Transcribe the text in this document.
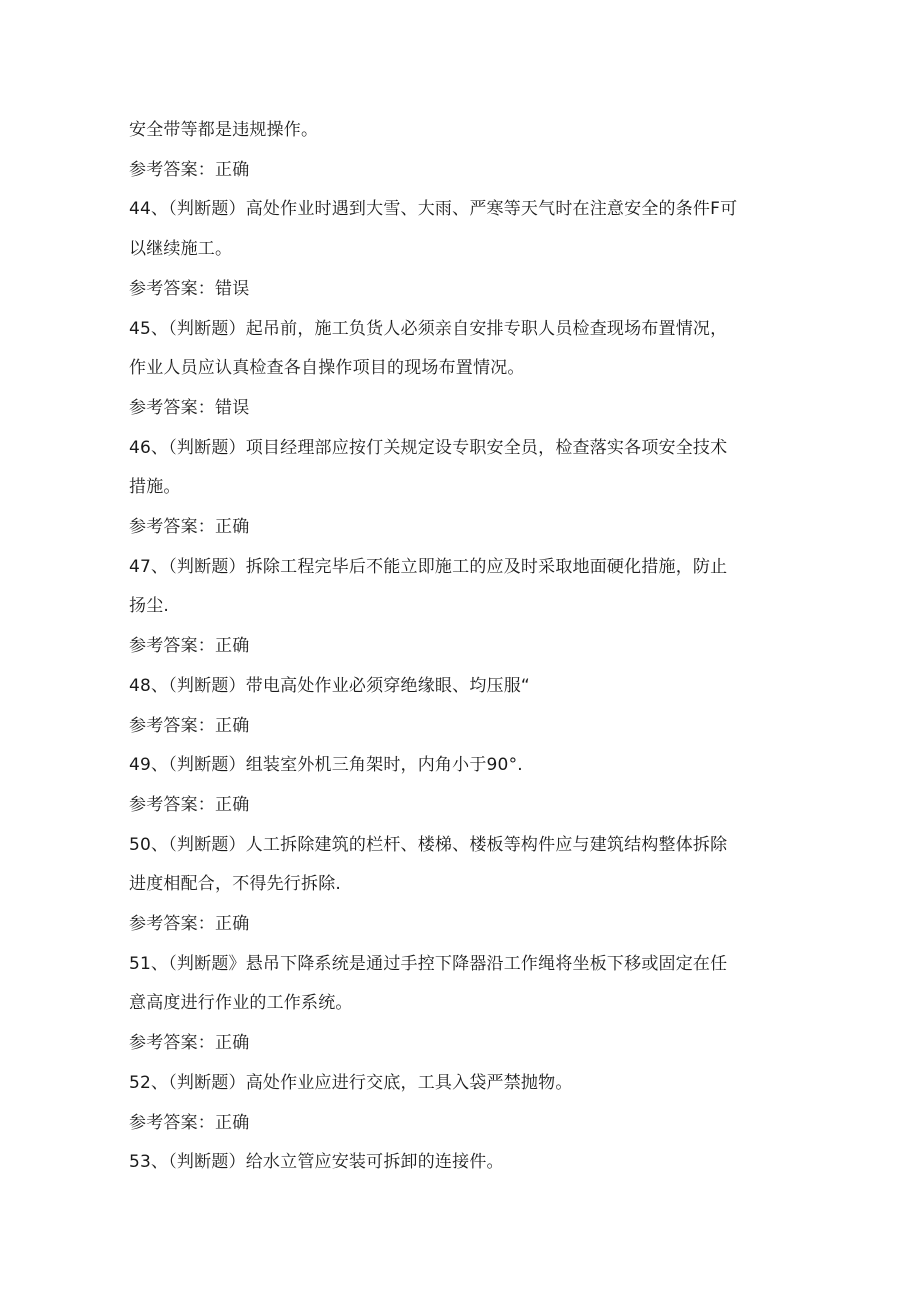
安全带等都是违规操作。
参考答案：正确
44、（判断题）高处作业时遇到大雪、大雨、严寒等天气时在注意安全的条件F可
以继续施工。
参考答案：错误
45、（判断题）起吊前，施工负货人必须亲自安排专职人员检查现场布置情况，
作业人员应认真检查各自操作项目的现场布置情况。
参考答案：错误
46、（判断题）项目经理部应按仃关规定设专职安全员，检查落实各项安全技术
措施。
参考答案：正确
47、（判断题）拆除工程完毕后不能立即施工的应及时采取地面硬化措施，防止
扬尘.
参考答案：正确
48、（判断题）带电高处作业必须穿绝缘眼、均压服“
参考答案：正确
49、（判断题）组装室外机三角架时，内角小于90°.
参考答案：正确
50、（判断题）人工拆除建筑的栏杆、楼梯、楼板等构件应与建筑结构整体拆除
进度相配合，不得先行拆除.
参考答案：正确
51、（判断题》悬吊下降系统是通过手控下降器沿工作绳将坐板下移或固定在任
意高度进行作业的工作系统。
参考答案：正确
52、（判断题）高处作业应进行交底，工具入袋严禁抛物。
参考答案：正确
53、（判断题）给水立管应安装可拆卸的连接件。
